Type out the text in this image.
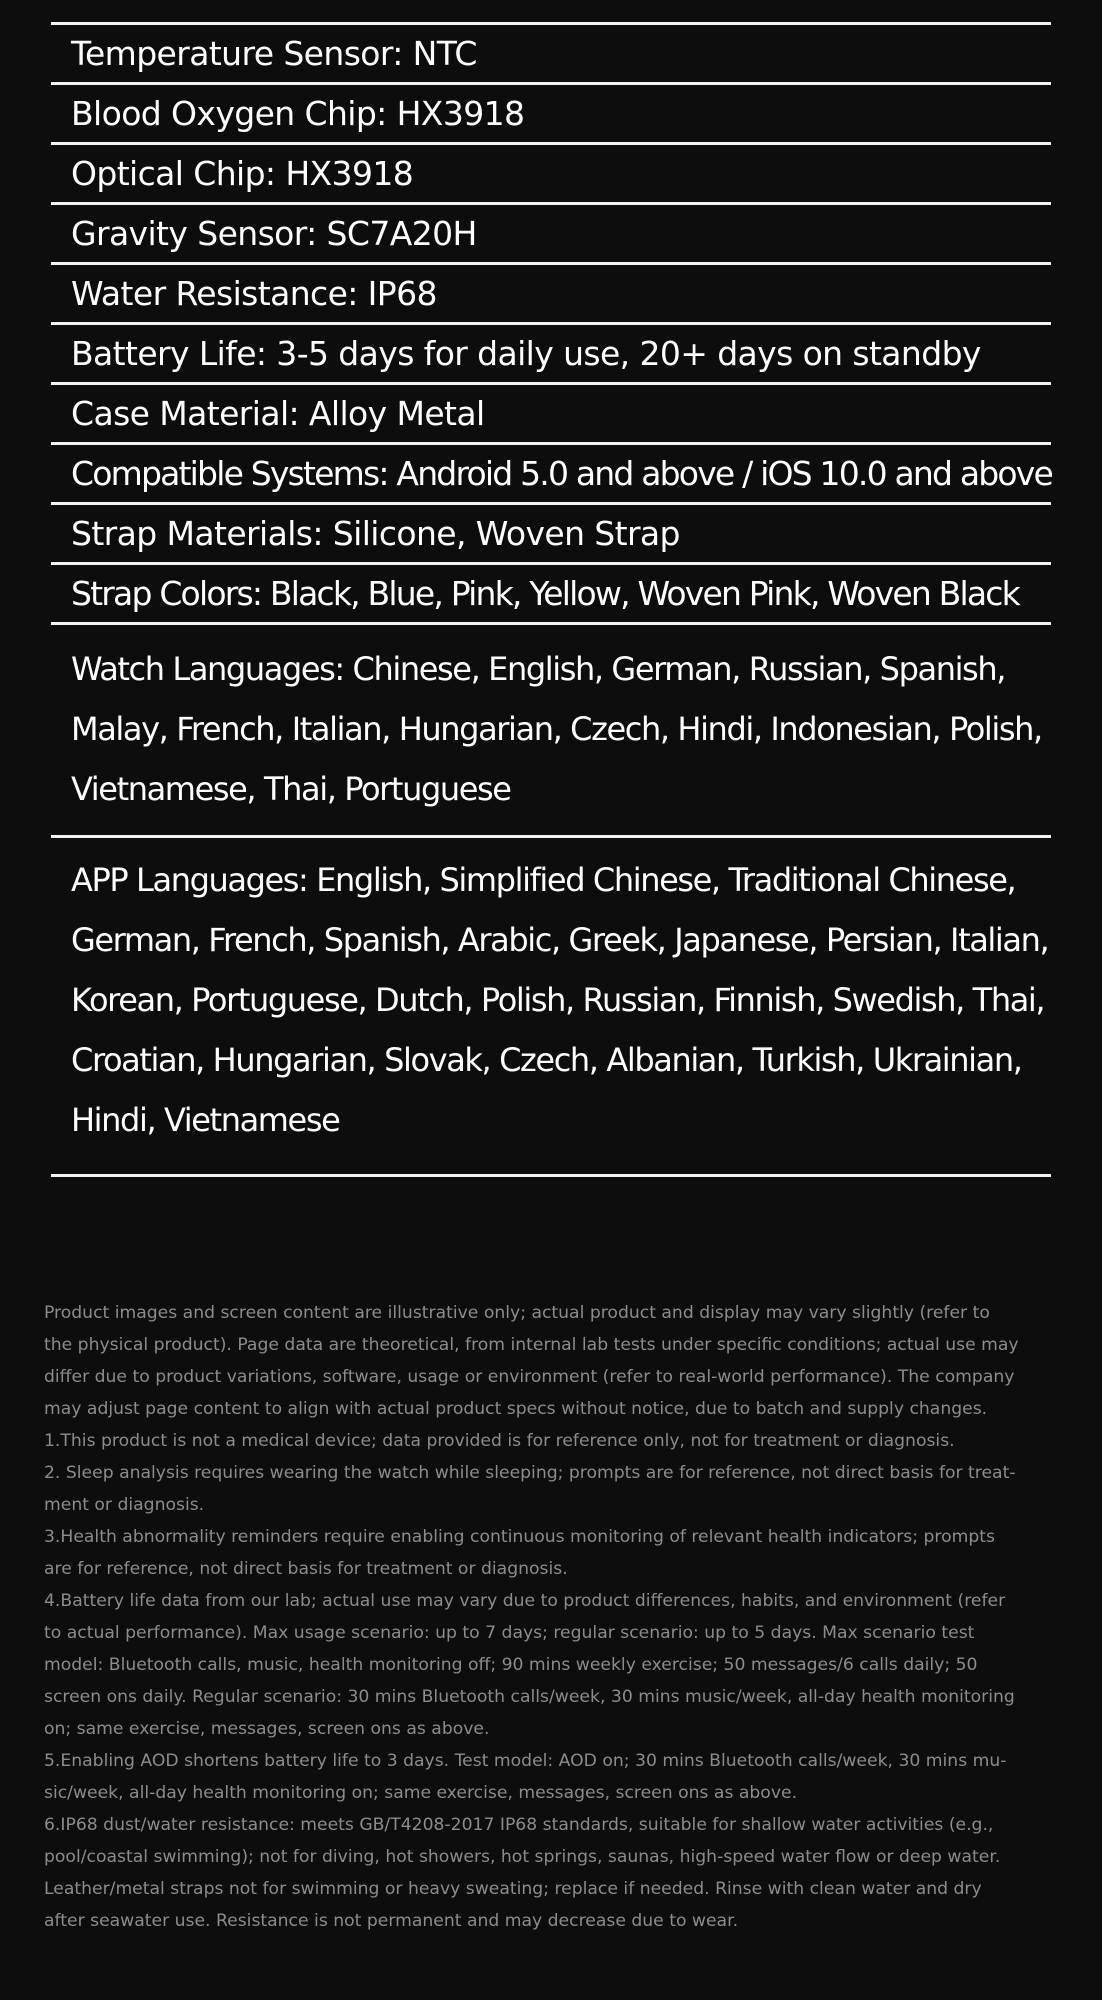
Temperature Sensor: NTC
Blood Oxygen Chip: HX3918
Optical Chip: HX3918
Gravity Sensor: SC7A20H
Water Resistance: IP68
Battery Life: 3-5 days for daily use, 20+ days on standby
Case Material: Alloy Metal
Compatible Systems: Android 5.0 and above / iOS 10.0 and above
Strap Materials: Silicone, Woven Strap
Strap Colors: Black, Blue, Pink, Yellow, Woven Pink, Woven Black
Watch Languages: Chinese, English, German, Russian, Spanish,
Malay, French, Italian, Hungarian, Czech, Hindi, Indonesian, Polish,
Vietnamese, Thai, Portuguese
APP Languages: English, Simplified Chinese, Traditional Chinese,
German, French, Spanish, Arabic, Greek, Japanese, Persian, Italian,
Korean, Portuguese, Dutch, Polish, Russian, Finnish, Swedish, Thai,
Croatian, Hungarian, Slovak, Czech, Albanian, Turkish, Ukrainian,
Hindi, Vietnamese
Product images and screen content are illustrative only; actual product and display may vary slightly (refer to
the physical product). Page data are theoretical, from internal lab tests under specific conditions; actual use may
differ due to product variations, software, usage or environment (refer to real-world performance). The company
may adjust page content to align with actual product specs without notice, due to batch and supply changes.
1.This product is not a medical device; data provided is for reference only, not for treatment or diagnosis.
2. Sleep analysis requires wearing the watch while sleeping; prompts are for reference, not direct basis for treat-
ment or diagnosis.
3.Health abnormality reminders require enabling continuous monitoring of relevant health indicators; prompts
are for reference, not direct basis for treatment or diagnosis.
4.Battery life data from our lab; actual use may vary due to product differences, habits, and environment (refer
to actual performance). Max usage scenario: up to 7 days; regular scenario: up to 5 days. Max scenario test
model: Bluetooth calls, music, health monitoring off; 90 mins weekly exercise; 50 messages/6 calls daily; 50
screen ons daily. Regular scenario: 30 mins Bluetooth calls/week, 30 mins music/week, all-day health monitoring
on; same exercise, messages, screen ons as above.
5.Enabling AOD shortens battery life to 3 days. Test model: AOD on; 30 mins Bluetooth calls/week, 30 mins mu-
sic/week, all-day health monitoring on; same exercise, messages, screen ons as above.
6.IP68 dust/water resistance: meets GB/T4208-2017 IP68 standards, suitable for shallow water activities (e.g.,
pool/coastal swimming); not for diving, hot showers, hot springs, saunas, high-speed water flow or deep water.
Leather/metal straps not for swimming or heavy sweating; replace if needed. Rinse with clean water and dry
after seawater use. Resistance is not permanent and may decrease due to wear.
